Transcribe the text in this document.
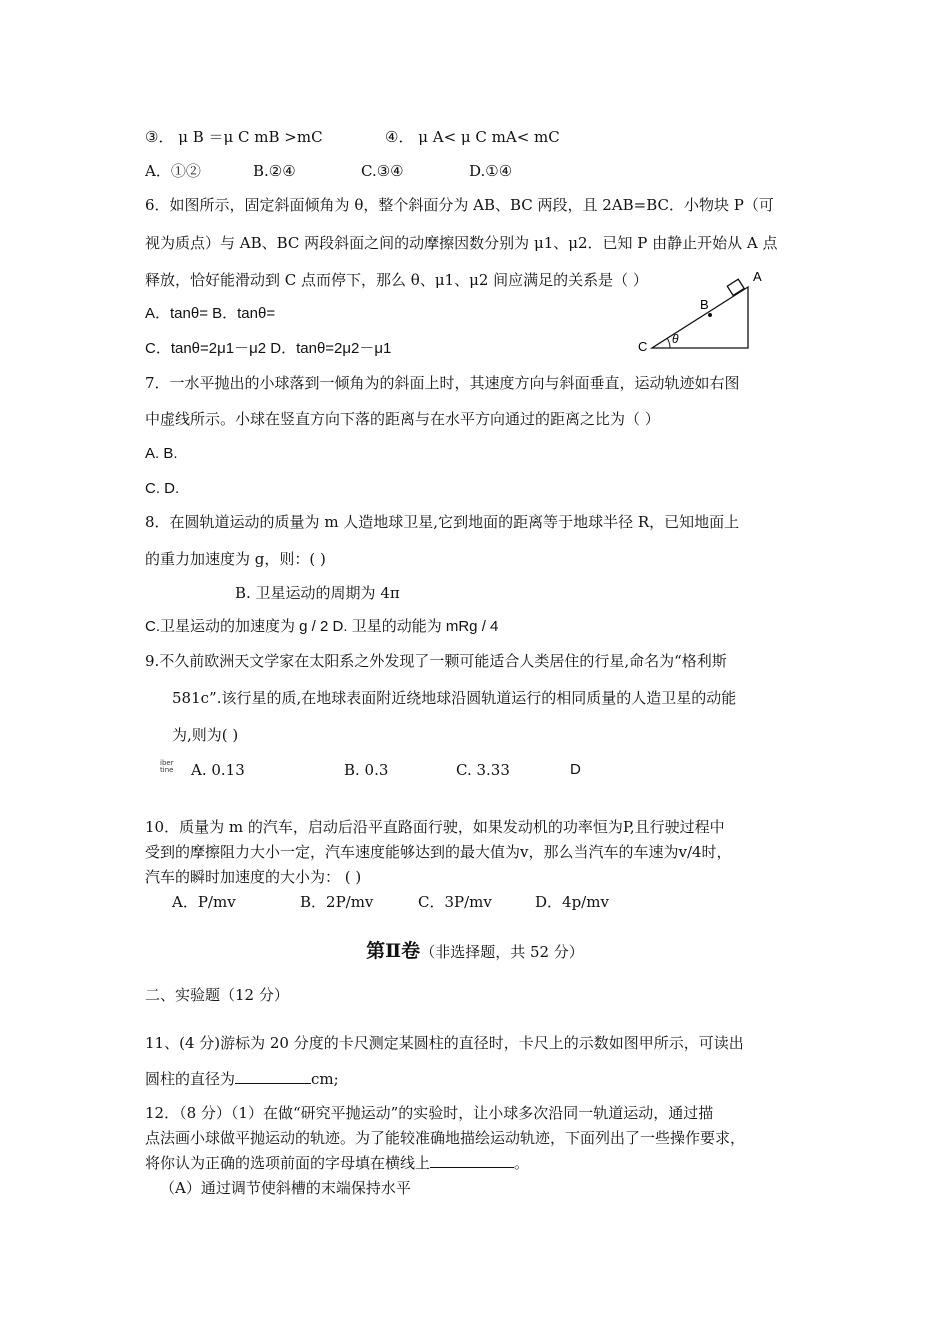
③． μ B ＝μ C mB >mC	④． μ A< μ C mA< mC
A．①②	B.②④	C.③④	D.①④
6．如图所示，固定斜面倾角为 θ，整个斜面分为 AB、BC 两段，且 2AB=BC．小物块 P（可
视为质点）与 AB、BC 两段斜面之间的动摩擦因数分别为 μ1、μ2．已知 P 由静止开始从 A 点
释放，恰好能滑动到 C 点而停下，那么 θ、μ1、μ2 间应满足的关系是（ ）
A．tanθ= B．tanθ=
C．tanθ=2μ1－μ2 D．tanθ=2μ2－μ1
A
B
C θ
7．一水平抛出的小球落到一倾角为的斜面上时，其速度方向与斜面垂直，运动轨迹如右图
中虚线所示。小球在竖直方向下落的距离与在水平方向通过的距离之比为（ ）
A. B.
C. D.
8．在圆轨道运动的质量为 m 人造地球卫星,它到地面的距离等于地球半径 R，已知地面上
的重力加速度为 g，则：( )
B. 卫星运动的周期为 4π
C.卫星运动的加速度为 g / 2 D. 卫星的动能为 mRg / 4
9.不久前欧洲天文学家在太阳系之外发现了一颗可能适合人类居住的行星,命名为“格利斯
581c”.该行星的质,在地球表面附近绕地球沿圆轨道运行的相同质量的人造卫星的动能
为,则为( )
iber
tine A. 0.13	B. 0.3	C. 3.33	D
10．质量为 m 的汽车，启动后沿平直路面行驶，如果发动机的功率恒为P,且行驶过程中
受到的摩擦阻力大小一定，汽车速度能够达到的最大值为v，那么当汽车的车速为v/4时，
汽车的瞬时加速度的大小为： ( )
A．P/mv	B．2P/mv	C．3P/mv	D．4p/mv
第Ⅱ卷（非选择题，共 52 分）
二、实验题（12 分）
11、(4 分)游标为 20 分度的卡尺测定某圆柱的直径时，卡尺上的示数如图甲所示，可读出
圆柱的直径为	cm;
12．（8 分）（1）在做“研究平抛运动”的实验时，让小球多次沿同一轨道运动，通过描
点法画小球做平抛运动的轨迹。为了能较准确地描绘运动轨迹，下面列出了一些操作要求，
将你认为正确的选项前面的字母填在横线上	。
（A）通过调节使斜槽的末端保持水平
